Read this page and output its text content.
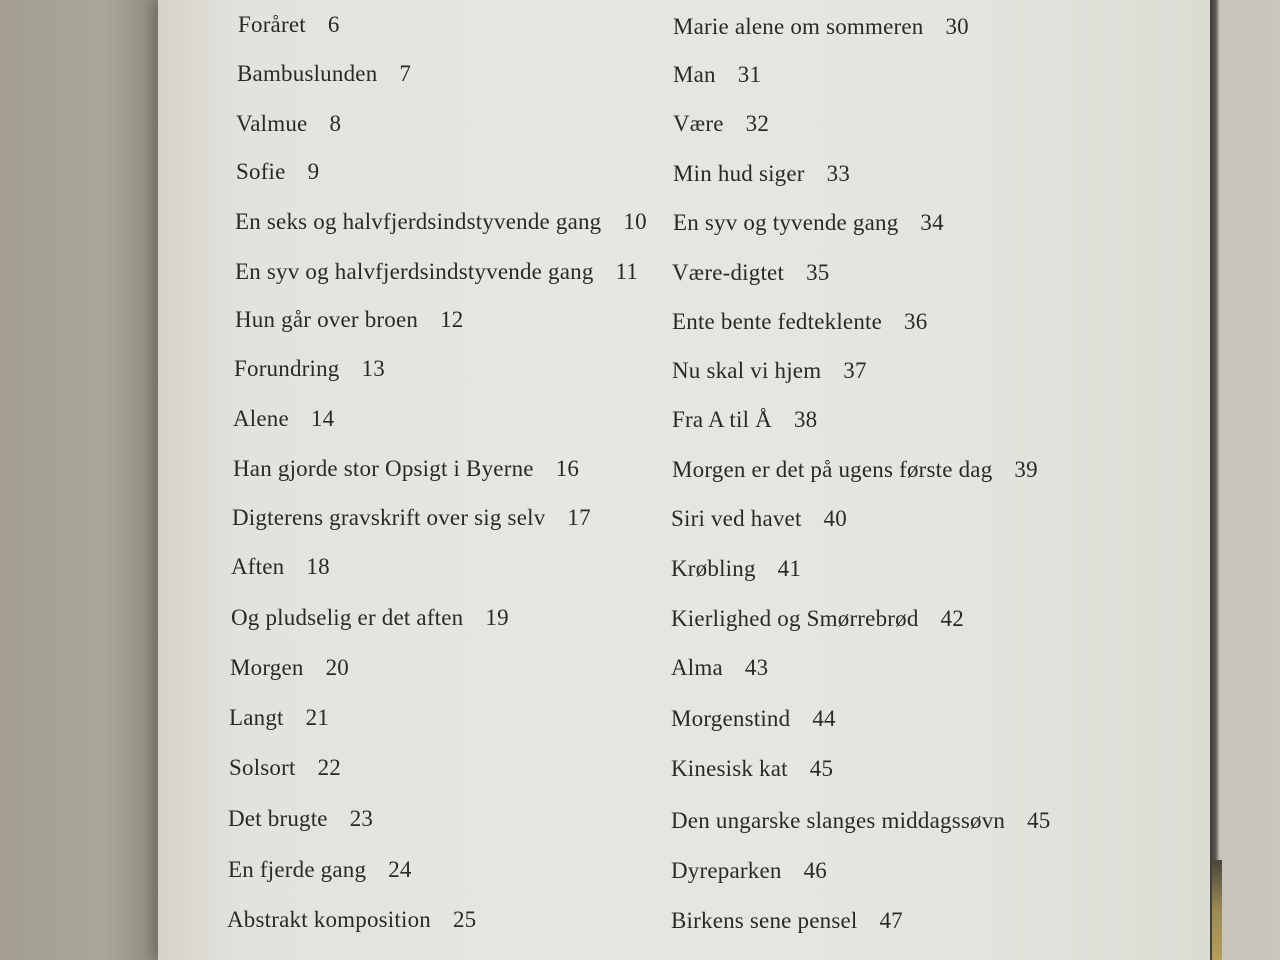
Foråret 6
Bambuslunden 7
Valmue 8
Sofie 9
En seks og halvfjerdsindstyvende gang 10
En syv og halvfjerdsindstyvende gang 11
Hun går over broen 12
Forundring 13
Alene 14
Han gjorde stor Opsigt i Byerne 16
Digterens gravskrift over sig selv 17
Aften 18
Og pludselig er det aften 19
Morgen 20
Langt 21
Solsort 22
Det brugte 23
En fjerde gang 24
Abstrakt komposition 25
Marie alene om sommeren 30
Man 31
Være 32
Min hud siger 33
En syv og tyvende gang 34
Være-digtet 35
Ente bente fedteklente 36
Nu skal vi hjem 37
Fra A til Å 38
Morgen er det på ugens første dag 39
Siri ved havet 40
Krøbling 41
Kierlighed og Smørrebrød 42
Alma 43
Morgenstind 44
Kinesisk kat 45
Den ungarske slanges middagssøvn 45
Dyreparken 46
Birkens sene pensel 47
